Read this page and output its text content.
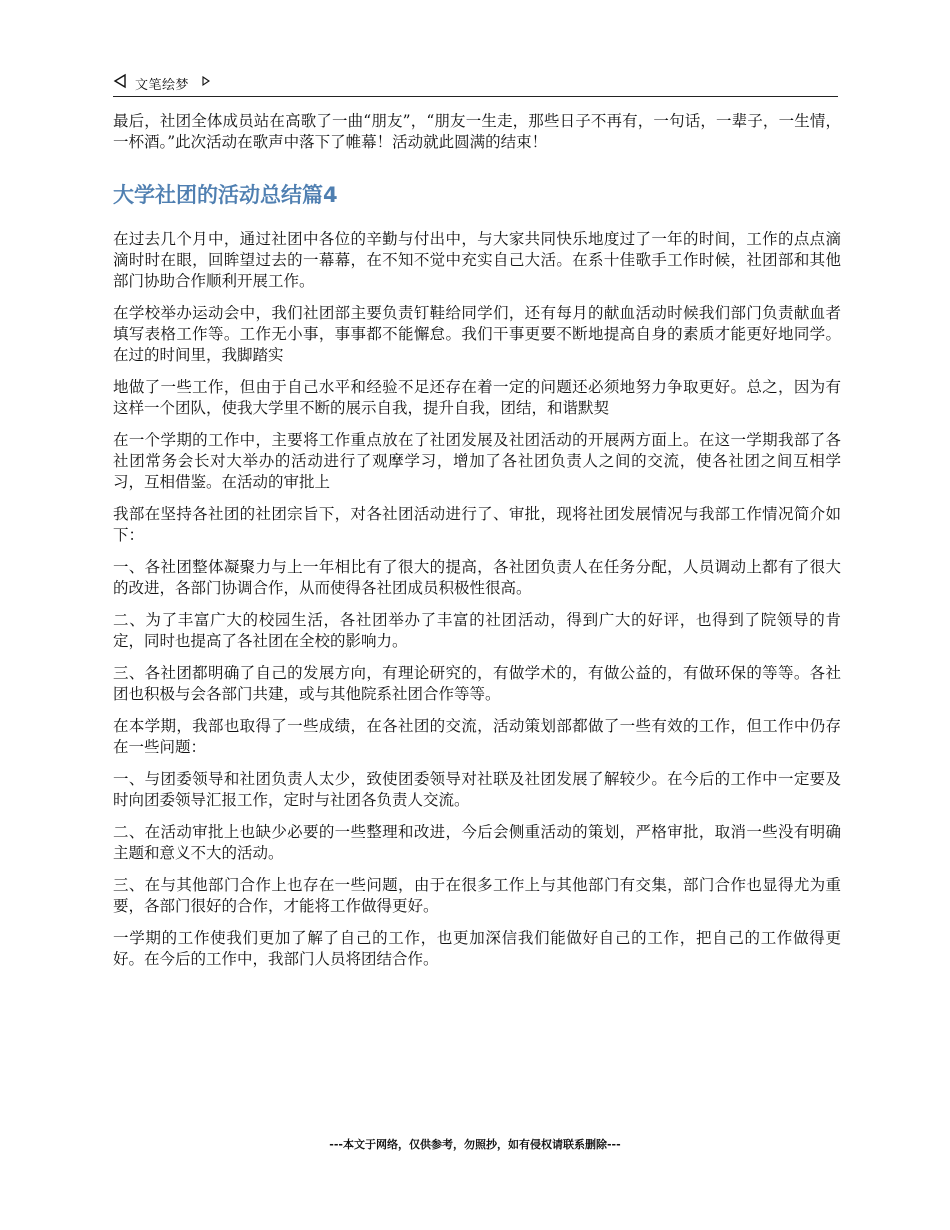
文笔绘梦

最后，社团全体成员站在高歌了一曲“朋友”，“朋友一生走，那些日子不再有，一句话，一辈子，一生情，一杯酒。”此次活动在歌声中落下了帷幕！活动就此圆满的结束！

大学社团的活动总结篇4

在过去几个月中，通过社团中各位的辛勤与付出中，与大家共同快乐地度过了一年的时间，工作的点点滴滴时时在眼，回眸望过去的一幕幕，在不知不觉中充实自己大活。在系十佳歌手工作时候，社团部和其他部门协助合作顺利开展工作。

在学校举办运动会中，我们社团部主要负责钉鞋给同学们，还有每月的献血活动时候我们部门负责献血者填写表格工作等。工作无小事，事事都不能懈怠。我们干事更要不断地提高自身的素质才能更好地同学。在过的时间里，我脚踏实

地做了一些工作，但由于自己水平和经验不足还存在着一定的问题还必须地努力争取更好。总之，因为有这样一个团队，使我大学里不断的展示自我，提升自我，团结，和谐默契

在一个学期的工作中，主要将工作重点放在了社团发展及社团活动的开展两方面上。在这一学期我部了各社团常务会长对大举办的活动进行了观摩学习，增加了各社团负责人之间的交流，使各社团之间互相学习，互相借鉴。在活动的审批上

我部在坚持各社团的社团宗旨下，对各社团活动进行了、审批，现将社团发展情况与我部工作情况简介如下：

一、各社团整体凝聚力与上一年相比有了很大的提高，各社团负责人在任务分配，人员调动上都有了很大的改进，各部门协调合作，从而使得各社团成员积极性很高。

二、为了丰富广大的校园生活，各社团举办了丰富的社团活动，得到广大的好评，也得到了院领导的肯定，同时也提高了各社团在全校的影响力。

三、各社团都明确了自己的发展方向，有理论研究的，有做学术的，有做公益的，有做环保的等等。各社团也积极与会各部门共建，或与其他院系社团合作等等。

在本学期，我部也取得了一些成绩，在各社团的交流，活动策划部都做了一些有效的工作，但工作中仍存在一些问题：

一、与团委领导和社团负责人太少，致使团委领导对社联及社团发展了解较少。在今后的工作中一定要及时向团委领导汇报工作，定时与社团各负责人交流。

二、在活动审批上也缺少必要的一些整理和改进，今后会侧重活动的策划，严格审批，取消一些没有明确主题和意义不大的活动。

三、在与其他部门合作上也存在一些问题，由于在很多工作上与其他部门有交集，部门合作也显得尤为重要，各部门很好的合作，才能将工作做得更好。

一学期的工作使我们更加了解了自己的工作，也更加深信我们能做好自己的工作，把自己的工作做得更好。在今后的工作中，我部门人员将团结合作。

---本文于网络，仅供参考，勿照抄，如有侵权请联系删除---
